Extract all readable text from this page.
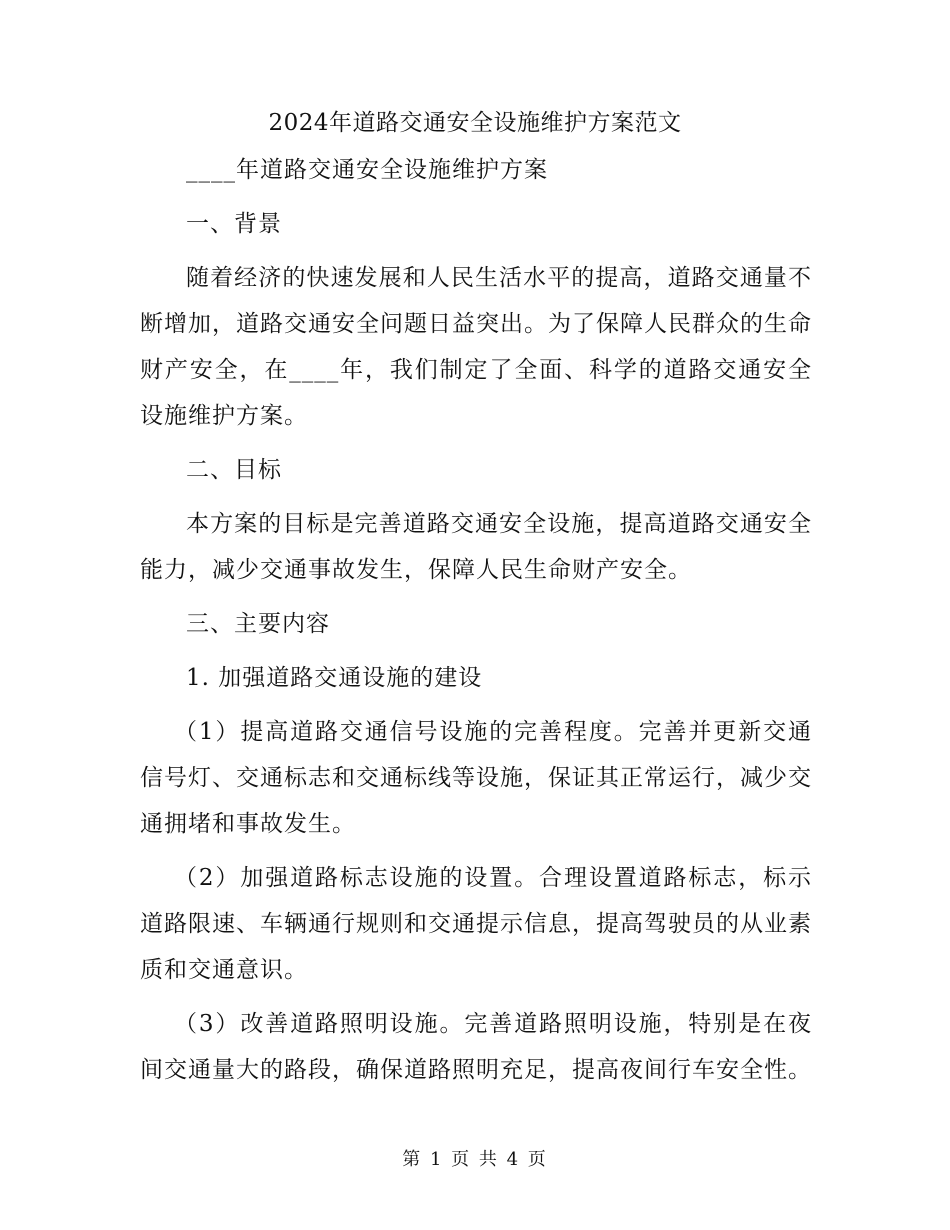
2024年道路交通安全设施维护方案范文

____年道路交通安全设施维护方案

一、背景

随着经济的快速发展和人民生活水平的提高，道路交通量不断增加，道路交通安全问题日益突出。为了保障人民群众的生命财产安全，在____年，我们制定了全面、科学的道路交通安全设施维护方案。

二、目标

本方案的目标是完善道路交通安全设施，提高道路交通安全能力，减少交通事故发生，保障人民生命财产安全。

三、主要内容

1. 加强道路交通设施的建设

（1）提高道路交通信号设施的完善程度。完善并更新交通信号灯、交通标志和交通标线等设施，保证其正常运行，减少交通拥堵和事故发生。

（2）加强道路标志设施的设置。合理设置道路标志，标示道路限速、车辆通行规则和交通提示信息，提高驾驶员的从业素质和交通意识。

（3）改善道路照明设施。完善道路照明设施，特别是在夜间交通量大的路段，确保道路照明充足，提高夜间行车安全性。

第 1 页 共 4 页
